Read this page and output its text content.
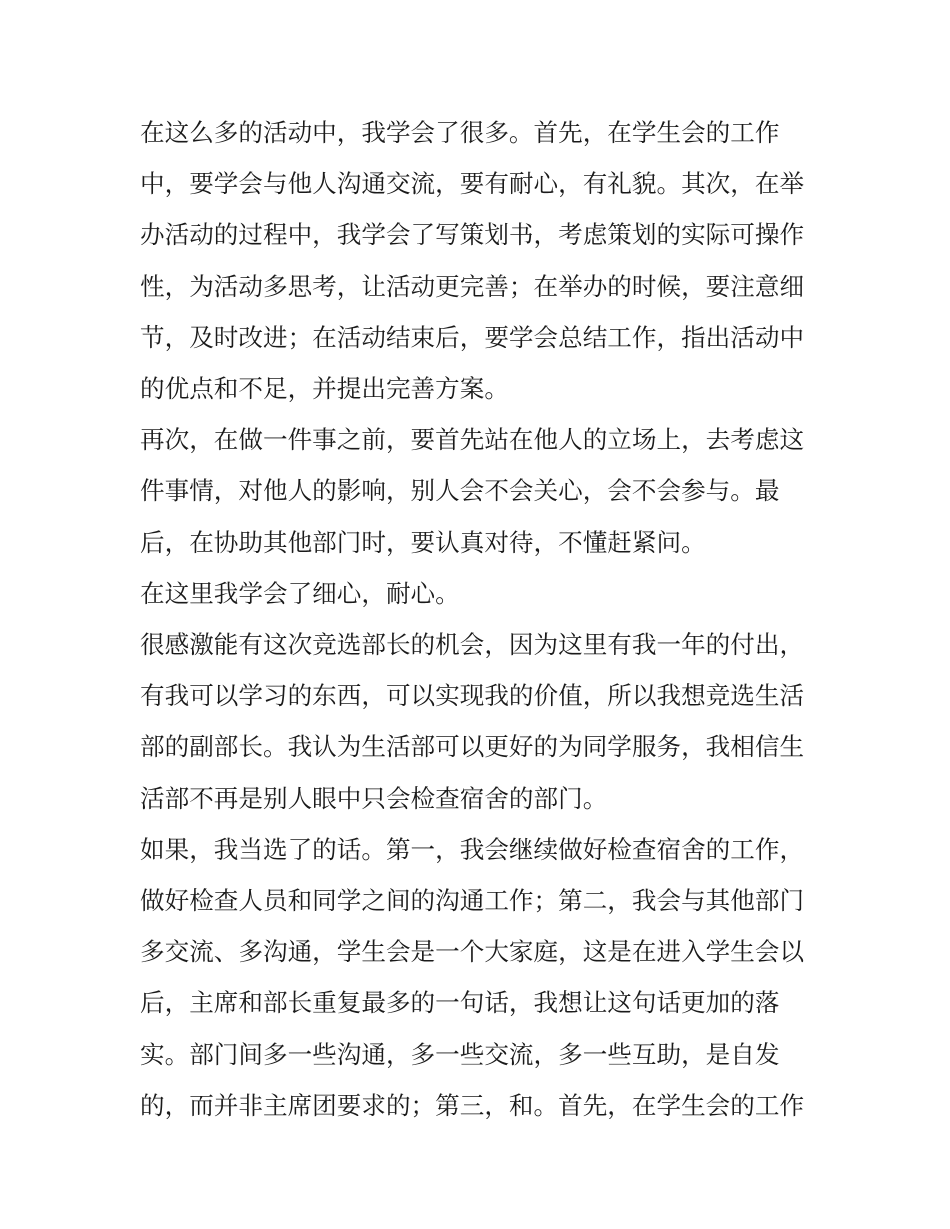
在这么多的活动中，我学会了很多。首先，在学生会的工作中，要学会与他人沟通交流，要有耐心，有礼貌。其次，在举办活动的过程中，我学会了写策划书，考虑策划的实际可操作性，为活动多思考，让活动更完善；在举办的时候，要注意细节，及时改进；在活动结束后，要学会总结工作，指出活动中的优点和不足，并提出完善方案。

再次，在做一件事之前，要首先站在他人的立场上，去考虑这件事情，对他人的影响，别人会不会关心，会不会参与。最后，在协助其他部门时，要认真对待，不懂赶紧问。

在这里我学会了细心，耐心。

很感激能有这次竞选部长的机会，因为这里有我一年的付出，有我可以学习的东西，可以实现我的价值，所以我想竞选生活部的副部长。我认为生活部可以更好的为同学服务，我相信生活部不再是别人眼中只会检查宿舍的部门。

如果，我当选了的话。第一，我会继续做好检查宿舍的工作，做好检查人员和同学之间的沟通工作；第二，我会与其他部门多交流、多沟通，学生会是一个大家庭，这是在进入学生会以后，主席和部长重复最多的一句话，我想让这句话更加的落实。部门间多一些沟通，多一些交流，多一些互助，是自发的，而并非主席团要求的；第三，和。首先，在学生会的工作
